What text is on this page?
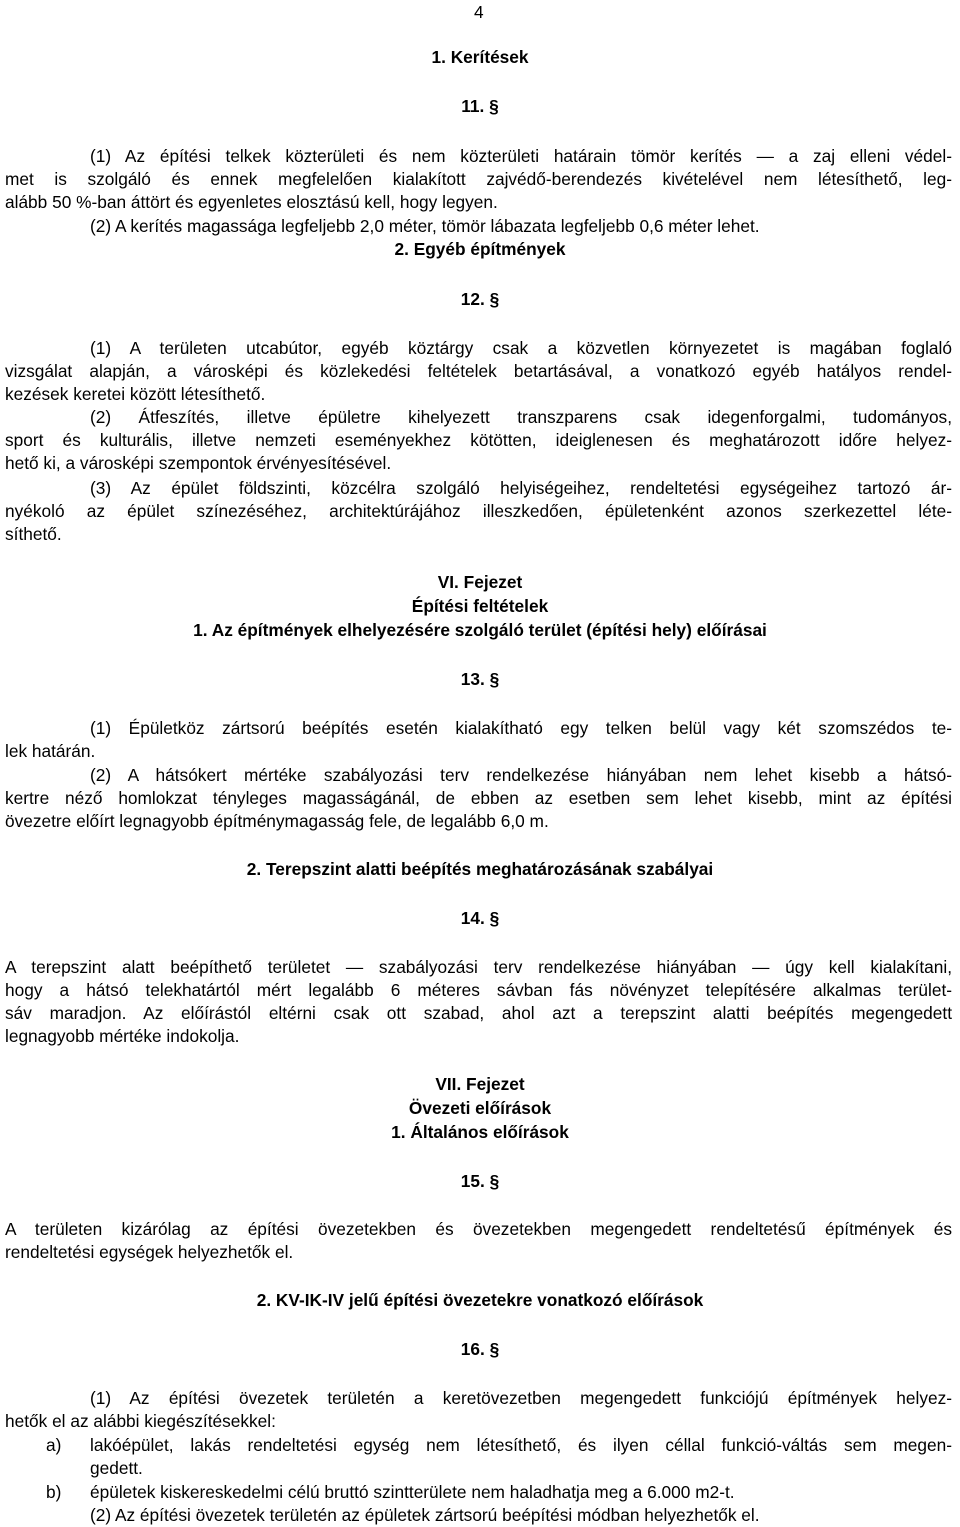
4
1. Kerítések
11. §
(1) Az építési telkek közterületi és nem közterületi határain tömör kerítés — a zaj elleni védel-
met is szolgáló és ennek megfelelően kialakított zajvédő-berendezés kivételével nem létesíthető, leg-
alább 50 %-ban áttört és egyenletes elosztású kell, hogy legyen.
(2) A kerítés magassága legfeljebb 2,0 méter, tömör lábazata legfeljebb 0,6 méter lehet.
2. Egyéb építmények
12. §
(1) A területen utcabútor, egyéb köztárgy csak a közvetlen környezetet is magában foglaló
vizsgálat alapján, a városképi és közlekedési feltételek betartásával, a vonatkozó egyéb hatályos rendel-
kezések keretei között létesíthető.
(2) Átfeszítés, illetve épületre kihelyezett transzparens csak idegenforgalmi, tudományos,
sport és kulturális, illetve nemzeti eseményekhez kötötten, ideiglenesen és meghatározott időre helyez-
hető ki, a városképi szempontok érvényesítésével.
(3) Az épület földszinti, közcélra szolgáló helyiségeihez, rendeltetési egységeihez tartozó ár-
nyékoló az épület színezéséhez, architektúrájához illeszkedően, épületenként azonos szerkezettel léte-
síthető.
VI. Fejezet
Építési feltételek
1. Az építmények elhelyezésére szolgáló terület (építési hely) előírásai
13. §
(1) Épületköz zártsorú beépítés esetén kialakítható egy telken belül vagy két szomszédos te-
lek határán.
(2) A hátsókert mértéke szabályozási terv rendelkezése hiányában nem lehet kisebb a hátsó-
kertre néző homlokzat tényleges magasságánál, de ebben az esetben sem lehet kisebb, mint az építési
övezetre előírt legnagyobb építménymagasság fele, de legalább 6,0 m.
2. Terepszint alatti beépítés meghatározásának szabályai
14. §
A terepszint alatt beépíthető területet — szabályozási terv rendelkezése hiányában — úgy kell kialakítani,
hogy a hátsó telekhatártól mért legalább 6 méteres sávban fás növényzet telepítésére alkalmas terület-
sáv maradjon. Az előírástól eltérni csak ott szabad, ahol azt a terepszint alatti beépítés megengedett
legnagyobb mértéke indokolja.
VII. Fejezet
Övezeti előírások
1. Általános előírások
15. §
A területen kizárólag az építési övezetekben és övezetekben megengedett rendeltetésű építmények és
rendeltetési egységek helyezhetők el.
2. KV-IK-IV jelű építési övezetekre vonatkozó előírások
16. §
(1) Az építési övezetek területén a keretövezetben megengedett funkciójú építmények helyez-
hetők el az alábbi kiegészítésekkel:
a) lakóépület, lakás rendeltetési egység nem létesíthető, és ilyen céllal funkció-váltás sem megen-
gedett.
b) épületek kiskereskedelmi célú bruttó szintterülete nem haladhatja meg a 6.000 m2-t.
(2) Az építési övezetek területén az épületek zártsorú beépítési módban helyezhetők el.
